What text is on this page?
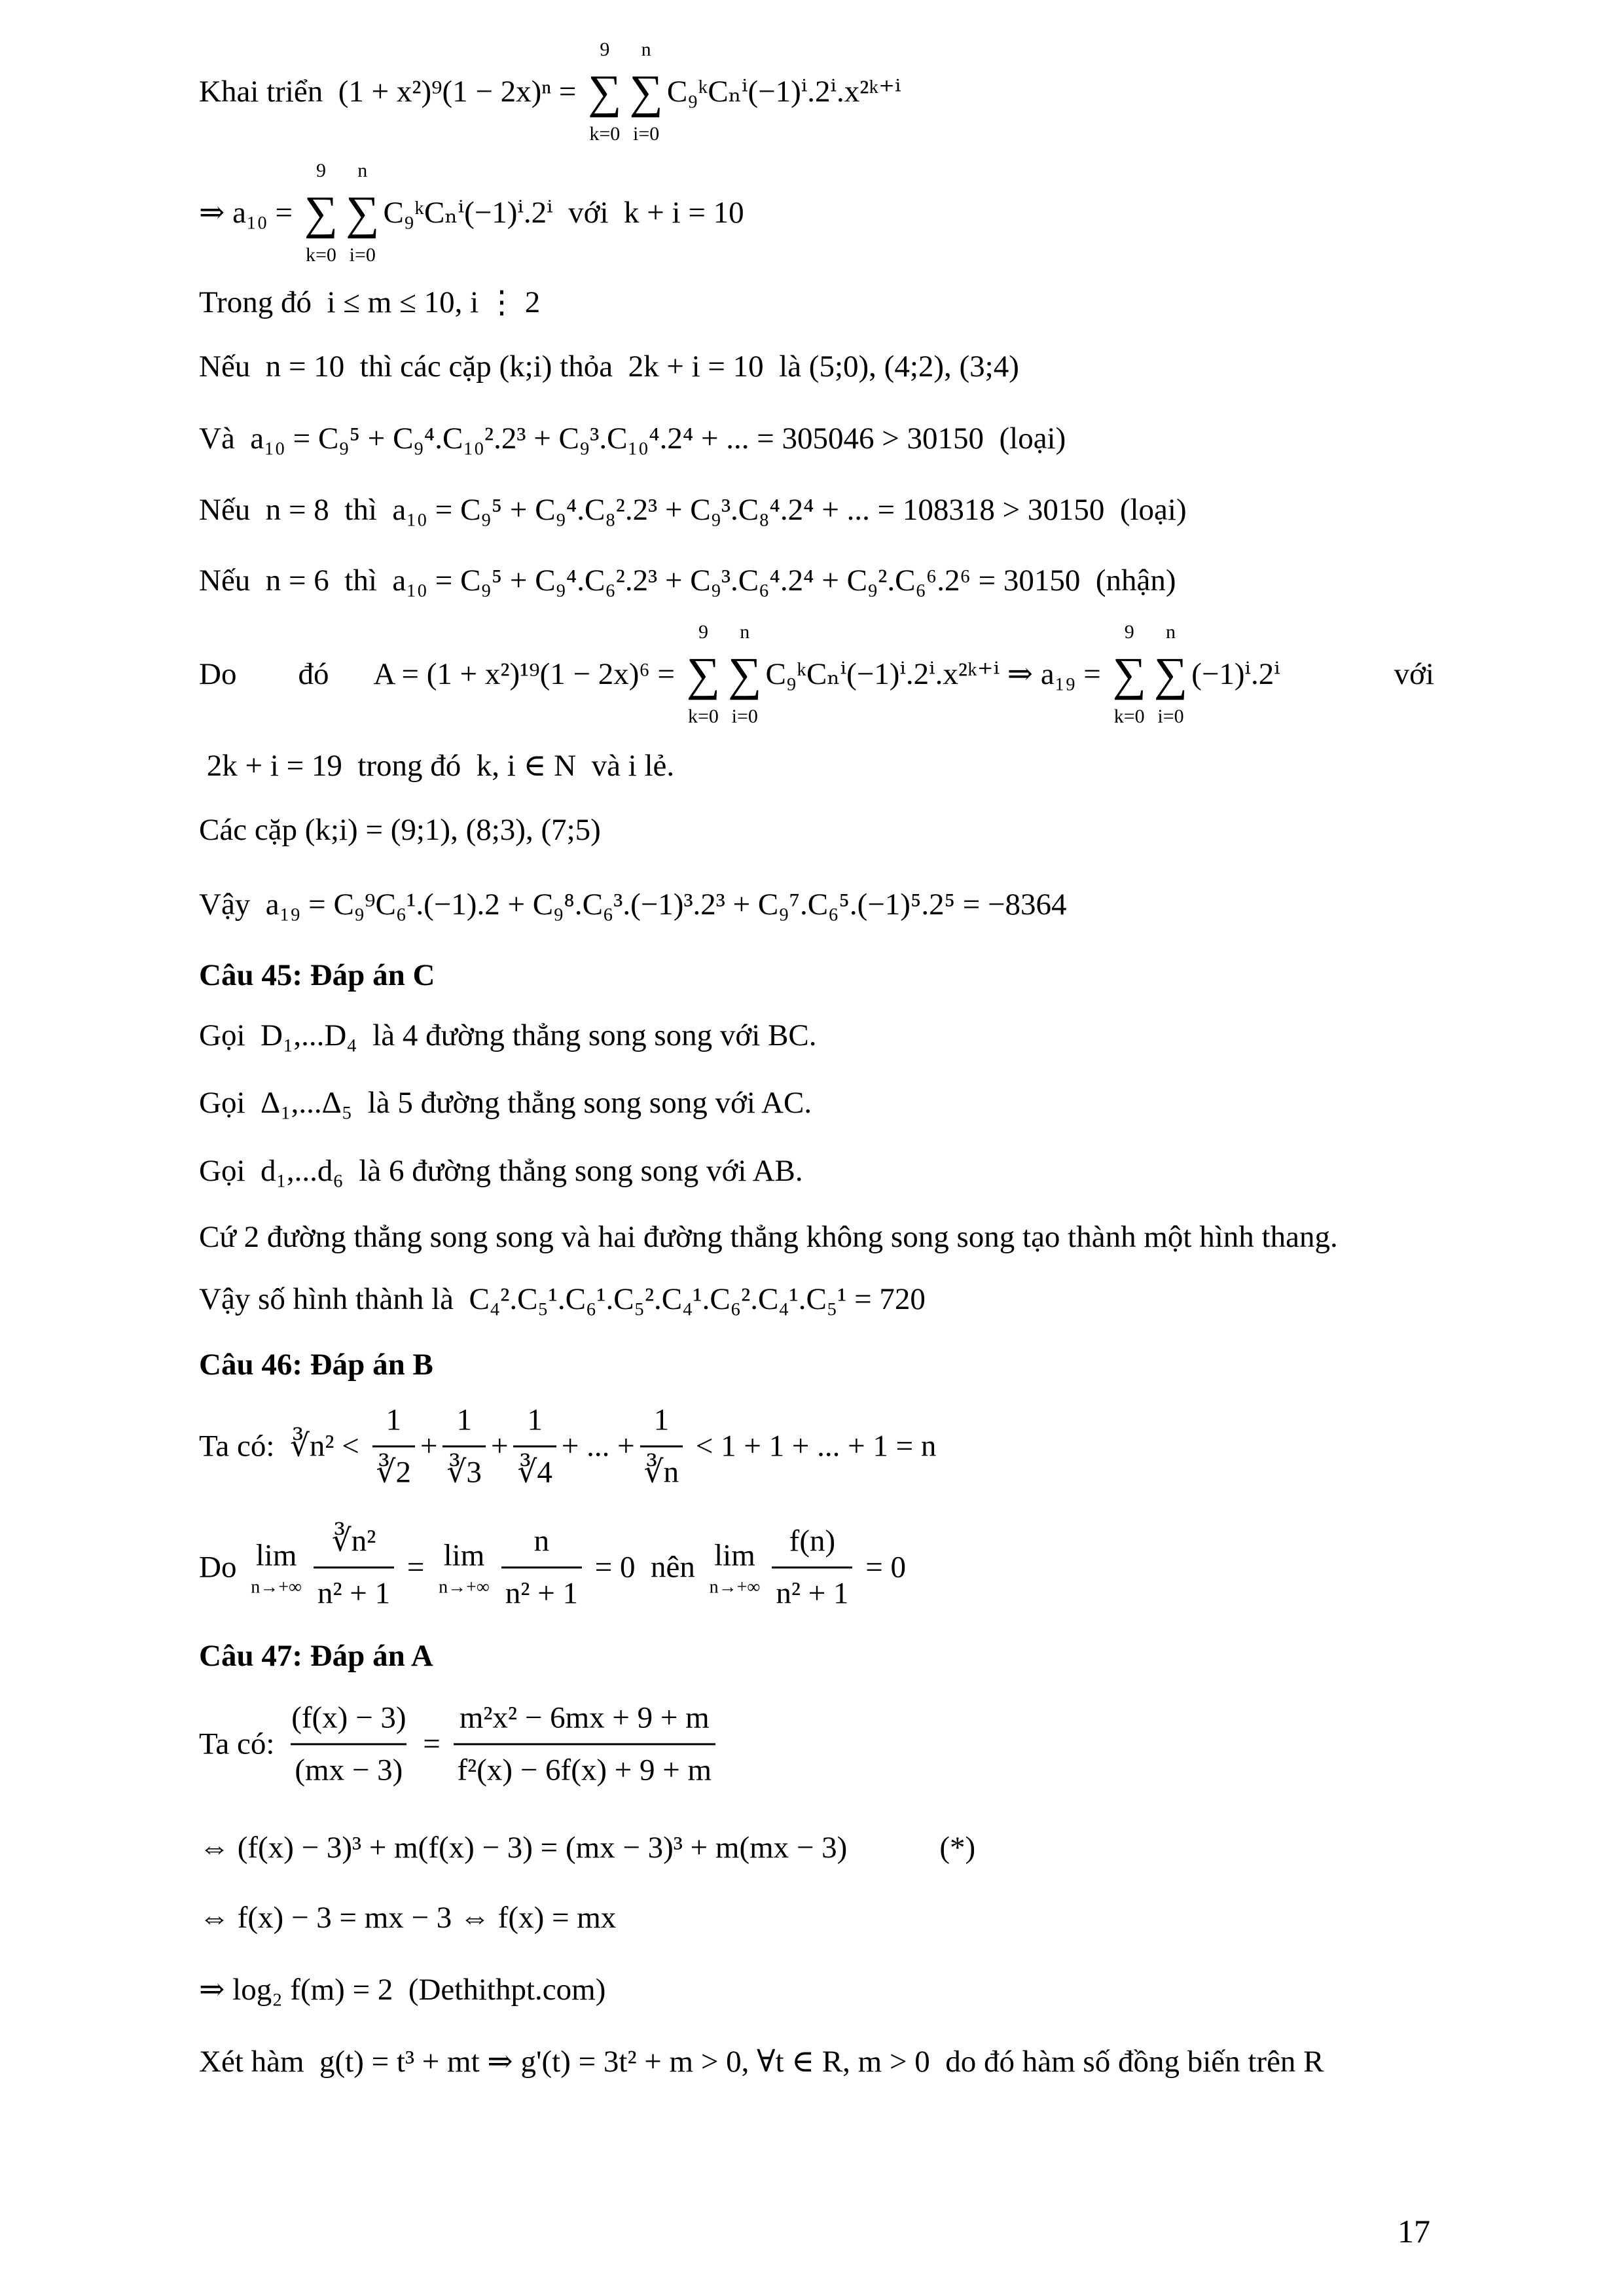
Khai triển  (1 + x²)⁹(1 − 2x)ⁿ =
9
∑
k=0
n
∑
i=0
C₉ᵏCₙⁱ(−1)ⁱ.2ⁱ.x²ᵏ⁺ⁱ
⇒ a₁₀ =
9
∑
k=0
n
∑
i=0
C₉ᵏCₙⁱ(−1)ⁱ.2ⁱ  với  k + i = 10
Trong đó  i ≤ m ≤ 10, i ⋮ 2
Nếu  n = 10  thì các cặp (k;i) thỏa  2k + i = 10  là (5;0), (4;2), (3;4)
Và  a₁₀ = C₉⁵ + C₉⁴.C₁₀².2³ + C₉³.C₁₀⁴.2⁴ + ... = 305046 > 30150  (loại)
Nếu  n = 8  thì  a₁₀ = C₉⁵ + C₉⁴.C₈².2³ + C₉³.C₈⁴.2⁴ + ... = 108318 > 30150  (loại)
Nếu  n = 6  thì  a₁₀ = C₉⁵ + C₉⁴.C₆².2³ + C₉³.C₆⁴.2⁴ + C₉².C₆⁶.2⁶ = 30150  (nhận)
Do        đó      A = (1 + x²)¹⁹(1 − 2x)⁶ =
9
∑
k=0
n
∑
i=0
C₉ᵏCₙⁱ(−1)ⁱ.2ⁱ.x²ᵏ⁺ⁱ ⇒ a₁₉ =
9
∑
k=0
n
∑
i=0
(−1)ⁱ.2ⁱ	với
2k + i = 19  trong đó  k, i ∈ N  và i lẻ.
Các cặp (k;i) = (9;1), (8;3), (7;5)
Vậy  a₁₉ = C₉⁹C₆¹.(−1).2 + C₉⁸.C₆³.(−1)³.2³ + C₉⁷.C₆⁵.(−1)⁵.2⁵ = −8364
Câu 45: Đáp án C
Gọi  D₁,...D₄  là 4 đường thẳng song song với BC.
Gọi  Δ₁,...Δ₅  là 5 đường thẳng song song với AC.
Gọi  d₁,...d₆  là 6 đường thẳng song song với AB.
Cứ 2 đường thẳng song song và hai đường thẳng không song song tạo thành một hình thang.
Vậy số hình thành là  C₄².C₅¹.C₆¹.C₅².C₄¹.C₆².C₄¹.C₅¹ = 720
Câu 46: Đáp án B
Ta có:  ∛n² < $\frac{1}{∛2} + \frac{1}{∛3} + \frac{1}{∛4}$ + ... + $\frac{1}{∛n} < 1 + 1$ + ... + 1 = n
Do lim
$n\to+\infty \frac{\text{∛n²}}{\text{n² + 1}} = \lim$
$n\to+\infty \frac{n}{\text{n² + 1}} = 0$  nên lim
$n\to+\infty \frac{f(n)}{\text{n² + 1}} = 0$
Câu 47: Đáp án A
Ta có: $\frac{(f(x) - 3)}{(mx - 3)} = \frac{\text{m²x² − 6mx + 9 + m}}{\text{f²(x) − 6f(x) + 9 + m}}$
⇔ (f(x) − 3)³ + m(f(x) − 3) = (mx − 3)³ + m(mx − 3)            (*)
⇔ f(x) − 3 = mx − 3 ⇔ f(x) = mx
⇒ log₂ f(m) = 2  (Dethithpt.com)
Xét hàm  g(t) = t³ + mt ⇒ g'(t) = 3t² + m > 0, ∀t ∈ R, m > 0  do đó hàm số đồng biến trên R
17
